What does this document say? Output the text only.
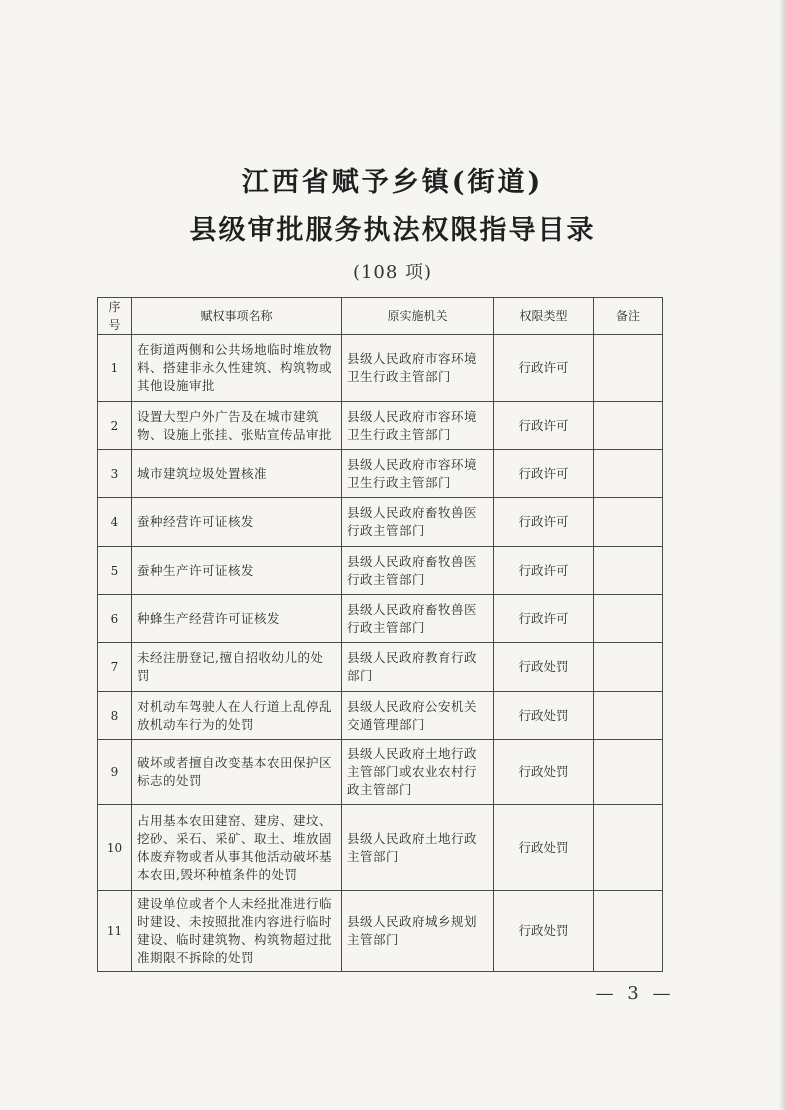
江西省赋予乡镇(街道)
县级审批服务执法权限指导目录
(108 项)
序号	赋权事项名称	原实施机关	权限类型	备注
1	在街道两侧和公共场地临时堆放物料、搭建非永久性建筑、构筑物或其他设施审批	县级人民政府市容环境卫生行政主管部门	行政许可	
2	设置大型户外广告及在城市建筑物、设施上张挂、张贴宣传品审批	县级人民政府市容环境卫生行政主管部门	行政许可	
3	城市建筑垃圾处置核准	县级人民政府市容环境卫生行政主管部门	行政许可	
4	蚕种经营许可证核发	县级人民政府畜牧兽医行政主管部门	行政许可	
5	蚕种生产许可证核发	县级人民政府畜牧兽医行政主管部门	行政许可	
6	种蜂生产经营许可证核发	县级人民政府畜牧兽医行政主管部门	行政许可	
7	未经注册登记,擅自招收幼儿的处罚	县级人民政府教育行政部门	行政处罚	
8	对机动车驾驶人在人行道上乱停乱放机动车行为的处罚	县级人民政府公安机关交通管理部门	行政处罚	
9	破坏或者擅自改变基本农田保护区标志的处罚	县级人民政府土地行政主管部门或农业农村行政主管部门	行政处罚	
10	占用基本农田建窑、建房、建坟、挖砂、采石、采矿、取土、堆放固体废弃物或者从事其他活动破坏基本农田,毁坏种植条件的处罚	县级人民政府土地行政主管部门	行政处罚	
11	建设单位或者个人未经批准进行临时建设、未按照批准内容进行临时建设、临时建筑物、构筑物超过批准期限不拆除的处罚	县级人民政府城乡规划主管部门	行政处罚	
— 3 —
